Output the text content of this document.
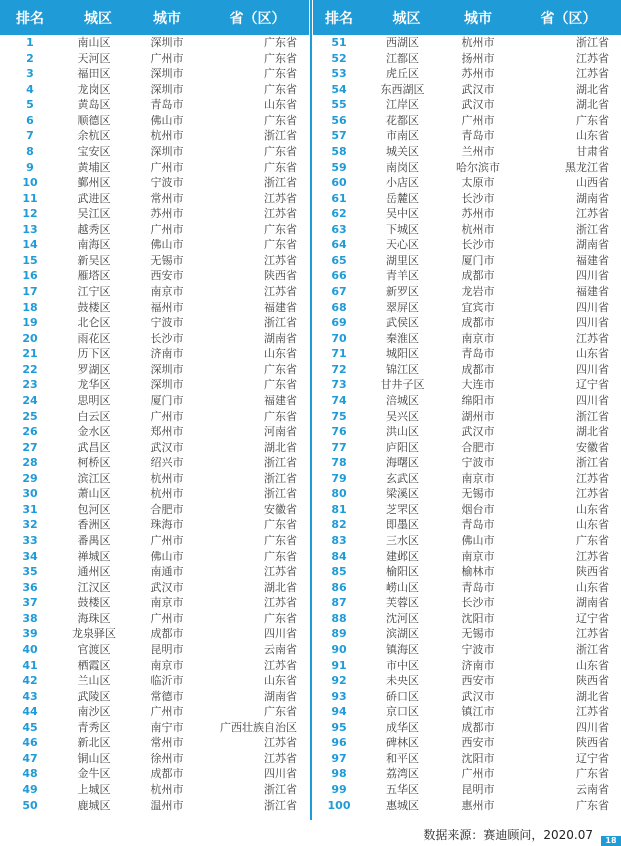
排名	城区	城市	省（区）
1	南山区	深圳市	广东省
2	天河区	广州市	广东省
3	福田区	深圳市	广东省
4	龙岗区	深圳市	广东省
5	黄岛区	青岛市	山东省
6	顺德区	佛山市	广东省
7	余杭区	杭州市	浙江省
8	宝安区	深圳市	广东省
9	黄埔区	广州市	广东省
10	鄞州区	宁波市	浙江省
11	武进区	常州市	江苏省
12	吴江区	苏州市	江苏省
13	越秀区	广州市	广东省
14	南海区	佛山市	广东省
15	新吴区	无锡市	江苏省
16	雁塔区	西安市	陕西省
17	江宁区	南京市	江苏省
18	鼓楼区	福州市	福建省
19	北仑区	宁波市	浙江省
20	雨花区	长沙市	湖南省
21	历下区	济南市	山东省
22	罗湖区	深圳市	广东省
23	龙华区	深圳市	广东省
24	思明区	厦门市	福建省
25	白云区	广州市	广东省
26	金水区	郑州市	河南省
27	武昌区	武汉市	湖北省
28	柯桥区	绍兴市	浙江省
29	滨江区	杭州市	浙江省
30	萧山区	杭州市	浙江省
31	包河区	合肥市	安徽省
32	香洲区	珠海市	广东省
33	番禺区	广州市	广东省
34	禅城区	佛山市	广东省
35	通州区	南通市	江苏省
36	江汉区	武汉市	湖北省
37	鼓楼区	南京市	江苏省
38	海珠区	广州市	广东省
39	龙泉驿区	成都市	四川省
40	官渡区	昆明市	云南省
41	栖霞区	南京市	江苏省
42	兰山区	临沂市	山东省
43	武陵区	常德市	湖南省
44	南沙区	广州市	广东省
45	青秀区	南宁市	广西壮族自治区
46	新北区	常州市	江苏省
47	铜山区	徐州市	江苏省
48	金牛区	成都市	四川省
49	上城区	杭州市	浙江省
50	鹿城区	温州市	浙江省
排名	城区	城市	省（区）
51	西湖区	杭州市	浙江省
52	江都区	扬州市	江苏省
53	虎丘区	苏州市	江苏省
54	东西湖区	武汉市	湖北省
55	江岸区	武汉市	湖北省
56	花都区	广州市	广东省
57	市南区	青岛市	山东省
58	城关区	兰州市	甘肃省
59	南岗区	哈尔滨市	黑龙江省
60	小店区	太原市	山西省
61	岳麓区	长沙市	湖南省
62	吴中区	苏州市	江苏省
63	下城区	杭州市	浙江省
64	天心区	长沙市	湖南省
65	湖里区	厦门市	福建省
66	青羊区	成都市	四川省
67	新罗区	龙岩市	福建省
68	翠屏区	宜宾市	四川省
69	武侯区	成都市	四川省
70	秦淮区	南京市	江苏省
71	城阳区	青岛市	山东省
72	锦江区	成都市	四川省
73	甘井子区	大连市	辽宁省
74	涪城区	绵阳市	四川省
75	吴兴区	湖州市	浙江省
76	洪山区	武汉市	湖北省
77	庐阳区	合肥市	安徽省
78	海曙区	宁波市	浙江省
79	玄武区	南京市	江苏省
80	梁溪区	无锡市	江苏省
81	芝罘区	烟台市	山东省
82	即墨区	青岛市	山东省
83	三水区	佛山市	广东省
84	建邺区	南京市	江苏省
85	榆阳区	榆林市	陕西省
86	崂山区	青岛市	山东省
87	芙蓉区	长沙市	湖南省
88	沈河区	沈阳市	辽宁省
89	滨湖区	无锡市	江苏省
90	镇海区	宁波市	浙江省
91	市中区	济南市	山东省
92	未央区	西安市	陕西省
93	硚口区	武汉市	湖北省
94	京口区	镇江市	江苏省
95	成华区	成都市	四川省
96	碑林区	西安市	陕西省
97	和平区	沈阳市	辽宁省
98	荔湾区	广州市	广东省
99	五华区	昆明市	云南省
100	惠城区	惠州市	广东省
数据来源：赛迪顾问，2020.07	18
